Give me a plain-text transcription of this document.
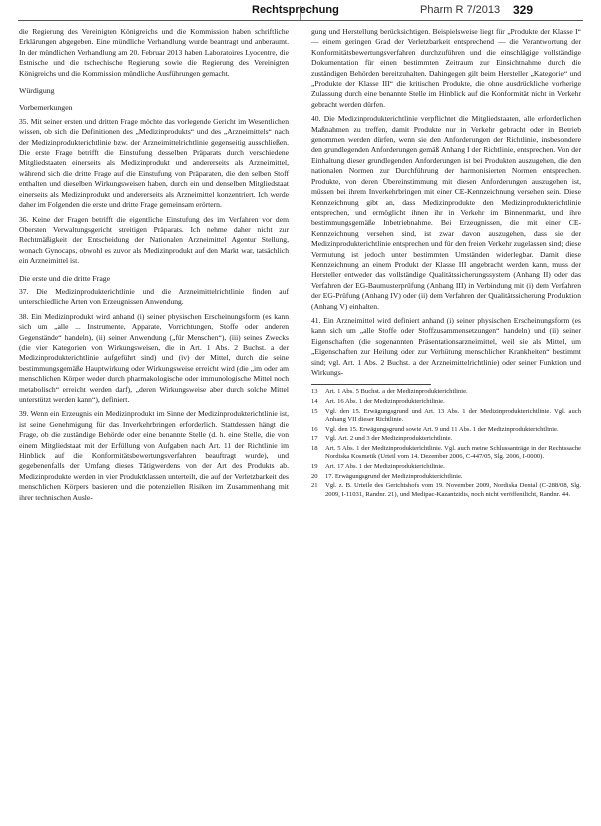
Rechtsprechung	Pharm R 7/2013 329

die Regierung des Vereinigten Königreichs und die Kommission haben schriftliche Erklärungen abgegeben. Eine mündliche Verhandlung wurde beantragt und anberaumt. In der mündlichen Verhandlung am 20. Februar 2013 haben Laboratoires Lyocentre, die Estnische und die tschechische Regierung sowie die Regierung des Vereinigten Königreichs und die Kommission mündliche Ausführungen gemacht.

Würdigung

Vorbemerkungen

35. Mit seiner ersten und dritten Frage möchte das vorlegende Gericht im Wesentlichen wissen, ob sich die Definitionen des „Medizinprodukts“ und des „Arzneimittels“ nach der Medizinprodukterichtlinie bzw. der Arzneimittelrichtlinie gegenseitig ausschließen. Die erste Frage betrifft die Einstufung desselben Präparats durch verschiedene Mitgliedstaaten einerseits als Medizinprodukt und andererseits als Arzneimittel, während sich die dritte Frage auf die Einstufung von Präparaten, die den selben Stoff enthalten und dieselben Wirkungsweisen haben, durch ein und denselben Mitgliedstaat einerseits als Medizinprodukt und andererseits als Arzneimittel konzentriert. Ich werde daher im Folgenden die erste und dritte Frage gemeinsam erörtern.

36. Keine der Fragen betrifft die eigentliche Einstufung des im Verfahren vor dem Obersten Verwaltungsgericht streitigen Präparats. Ich nehme daher nicht zur Rechtmäßigkeit der Entscheidung der Nationalen Arzneimittel Agentur Stellung, wonach Gynocaps, obwohl es zuvor als Medizinprodukt auf den Markt war, tatsächlich ein Arzneimittel ist.

Die erste und die dritte Frage

37. Die Medizinprodukterichtlinie und die Arzneimittelrichtlinie finden auf unterschiedliche Arten von Erzeugnissen Anwendung.

38. Ein Medizinprodukt wird anhand (i) seiner physischen Erscheinungsform (es kann sich um „alle ... Instrumente, Apparate, Vorrichtungen, Stoffe oder anderen Gegenstände“ handeln), (ii) seiner Anwendung („für Menschen“), (iii) seines Zwecks (die vier Kategorien von Wirkungsweisen, die in Art. 1 Abs. 2 Buchst. a der Medizinprodukterichtlinie aufgeführt sind) und (iv) der Mittel, durch die seine bestimmungsgemäße Hauptwirkung oder Wirkungsweise erreicht wird (die „im oder am menschlichen Körper weder durch pharmakologische oder immunologische Mittel noch metabolisch“ erreicht werden darf), „deren Wirkungsweise aber durch solche Mittel unterstützt werden kann“), definiert.

39. Wenn ein Erzeugnis ein Medizinprodukt im Sinne der Medizinprodukterichtlinie ist, ist seine Genehmigung für das Inverkehrbringen erforderlich. Stattdessen hängt die Frage, ob die zuständige Behörde oder eine benannte Stelle (d. h. eine Stelle, die von einem Mitgliedstaat mit der Erfüllung von Aufgaben nach Art. 11 der Richtlinie im Hinblick auf die Konformitätsbewertungsverfahren beauftragt wurde), und gegebenenfalls der Umfang dieses Tätigwerdens von der Art des Produkts ab. Medizinprodukte werden in vier Produktklassen unterteilt, die auf der Verletzbarkeit des menschlichen Körpers basieren und die potenziellen Risiken im Zusammenhang mit ihrer technischen Ausle-

gung und Herstellung berücksichtigen. Beispielsweise liegt für „Produkte der Klasse I“ — einem geringen Grad der Verletzbarkeit entsprechend — die Verantwortung der Konformitätsbewertungsverfahren durchzuführen und die einschlägige vollständige Dokumentation für einen bestimmten Zeitraum zur Einsichtnahme durch die zuständigen Behörden bereitzuhalten. Dahingegen gilt beim Hersteller „Kategorie“ und „Produkte der Klasse III“ die kritischen Produkte, die ohne ausdrückliche vorherige Zulassung durch eine benannte Stelle im Hinblick auf die Konformität nicht in Verkehr gebracht werden dürfen.

40. Die Medizinprodukterichtlinie verpflichtet die Mitgliedstaaten, alle erforderlichen Maßnahmen zu treffen, damit Produkte nur in Verkehr gebracht oder in Betrieb genommen werden dürfen, wenn sie den Anforderungen der Richtlinie, insbesondere den grundlegenden Anforderungen gemäß Anhang I der Richtlinie, entsprechen. Von der Einhaltung dieser grundlegenden Anforderungen ist bei Produkten auszugehen, die den nationalen Normen zur Durchführung der harmonisierten Normen entsprechen. Produkte, von deren Übereinstimmung mit diesen Anforderungen auszugehen ist, müssen bei ihrem Inverkehrbringen mit einer CE-Kennzeichnung versehen sein. Diese Kennzeichnung gibt an, dass Medizinprodukte den Medizinprodukterichtlinie entsprechen, und ermöglicht ihnen ihr in Verkehr im Binnenmarkt, und ihre bestimmungsgemäße Inbetriebnahme. Bei Erzeugnissen, die mit einer CE-Kennzeichnung versehen sind, ist zwar davon auszugehen, dass sie der Medizinprodukterichtlinie entsprechen und für den freien Verkehr zugelassen sind; diese Vermutung ist jedoch unter bestimmten Umständen widerlegbar. Damit diese Kennzeichnung an einem Produkt der Klasse III angebracht werden kann, muss der Hersteller entweder das vollständige Qualitätssicherungssystem (Anhang II) oder das Verfahren der EG-Baumusterprüfung (Anhang III) in Verbindung mit (i) dem Verfahren der EG-Prüfung (Anhang IV) oder (ii) dem Verfahren der Qualitätssicherung Produktion (Anhang V) einhalten.

41. Ein Arzneimittel wird definiert anhand (i) seiner physischen Erscheinungsform (es kann sich um „alle Stoffe oder Stoffzusammensetzungen“ handeln) und (ii) seiner Eigenschaften (die sogenannten Präsentationsarzneimittel, weil sie als Mittel, um „Eigenschaften zur Heilung oder zur Verhütung menschlicher Krankheiten“ bestimmt sind; vgl. Art. 1 Abs. 2 Buchst. a der Arzneimittelrichtlinie) oder seiner Funktion und Wirkungs-

13	Art. 1 Abs. 5 Buchst. a der Medizinprodukterichtlinie.

14	Art. 16 Abs. 1 der Medizinprodukterichtlinie.

15	Vgl. den 15. Erwägungsgrund und Art. 13 Abs. 1 der Medizinprodukterichtlinie. Vgl. auch Anhang VII dieser Richtlinie.

16	Vgl. den 15. Erwägungsgrund sowie Art. 9 und 11 Abs. 1 der Medizinprodukterichtlinie.

17	Vgl. Art. 2 und 3 der Medizinprodukterichtlinie.

18	Art. 5 Abs. 1 der Medizinprodukterichtlinie. Vgl. auch meine Schlussanträge in der Rechtssache Nordiska Kosmetik (Urteil vom 14. Dezember 2006, C-447/05, Slg. 2006, I-0000).

19	Art. 17 Abs. 1 der Medizinprodukterichtlinie.

20	17. Erwägungsgrund der Medizinprodukterichtlinie.

21	Vgl. z. B. Urteile des Gerichtshofs vom 19. November 2009, Nordiska Dental (C-288/08, Slg. 2009, I-11031, Randnr. 21), und Medipac-Kazantzidis, noch nicht veröffentlicht, Randnr. 44.
